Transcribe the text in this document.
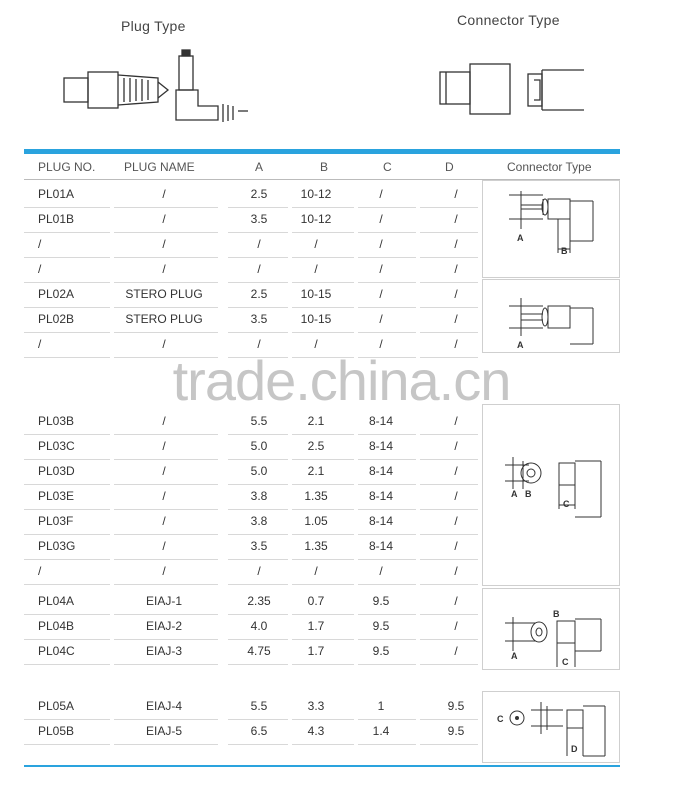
Plug Type	Connector Type
PLUG NO. PLUG NAME	A	B	C	D	Connector Type
PL01A	/	2.5	10-12	/	/
PL01B	/	3.5	10-12	/	/
/	/	/	/	/	/
/	/	/	/	/	/
PL02A	STERO PLUG	2.5	10-15	/	/
PL02B	STERO PLUG	3.5	10-15	/	/
/	/	/	/	/	/
PL03B	/	5.5	2.1	8-14	/
PL03C	/	5.0	2.5	8-14	/
PL03D	/	5.0	2.1	8-14	/
PL03E	/	3.8	1.35	8-14	/
PL03F	/	3.8	1.05	8-14	/
PL03G	/	3.5	1.35	8-14	/
/	/	/	/	/	/
PL04A	EIAJ-1	2.35	0.7	9.5	/
PL04B	EIAJ-2	4.0	1.7	9.5	/
PL04C	EIAJ-3	4.75	1.7	9.5	/
PL05A	EIAJ-4	5.5	3.3	1	9.5
PL05B	EIAJ-5	6.5	4.3	1.4	9.5
A
B
A
A B
C
A
B
C
C
D
trade.china.cn
